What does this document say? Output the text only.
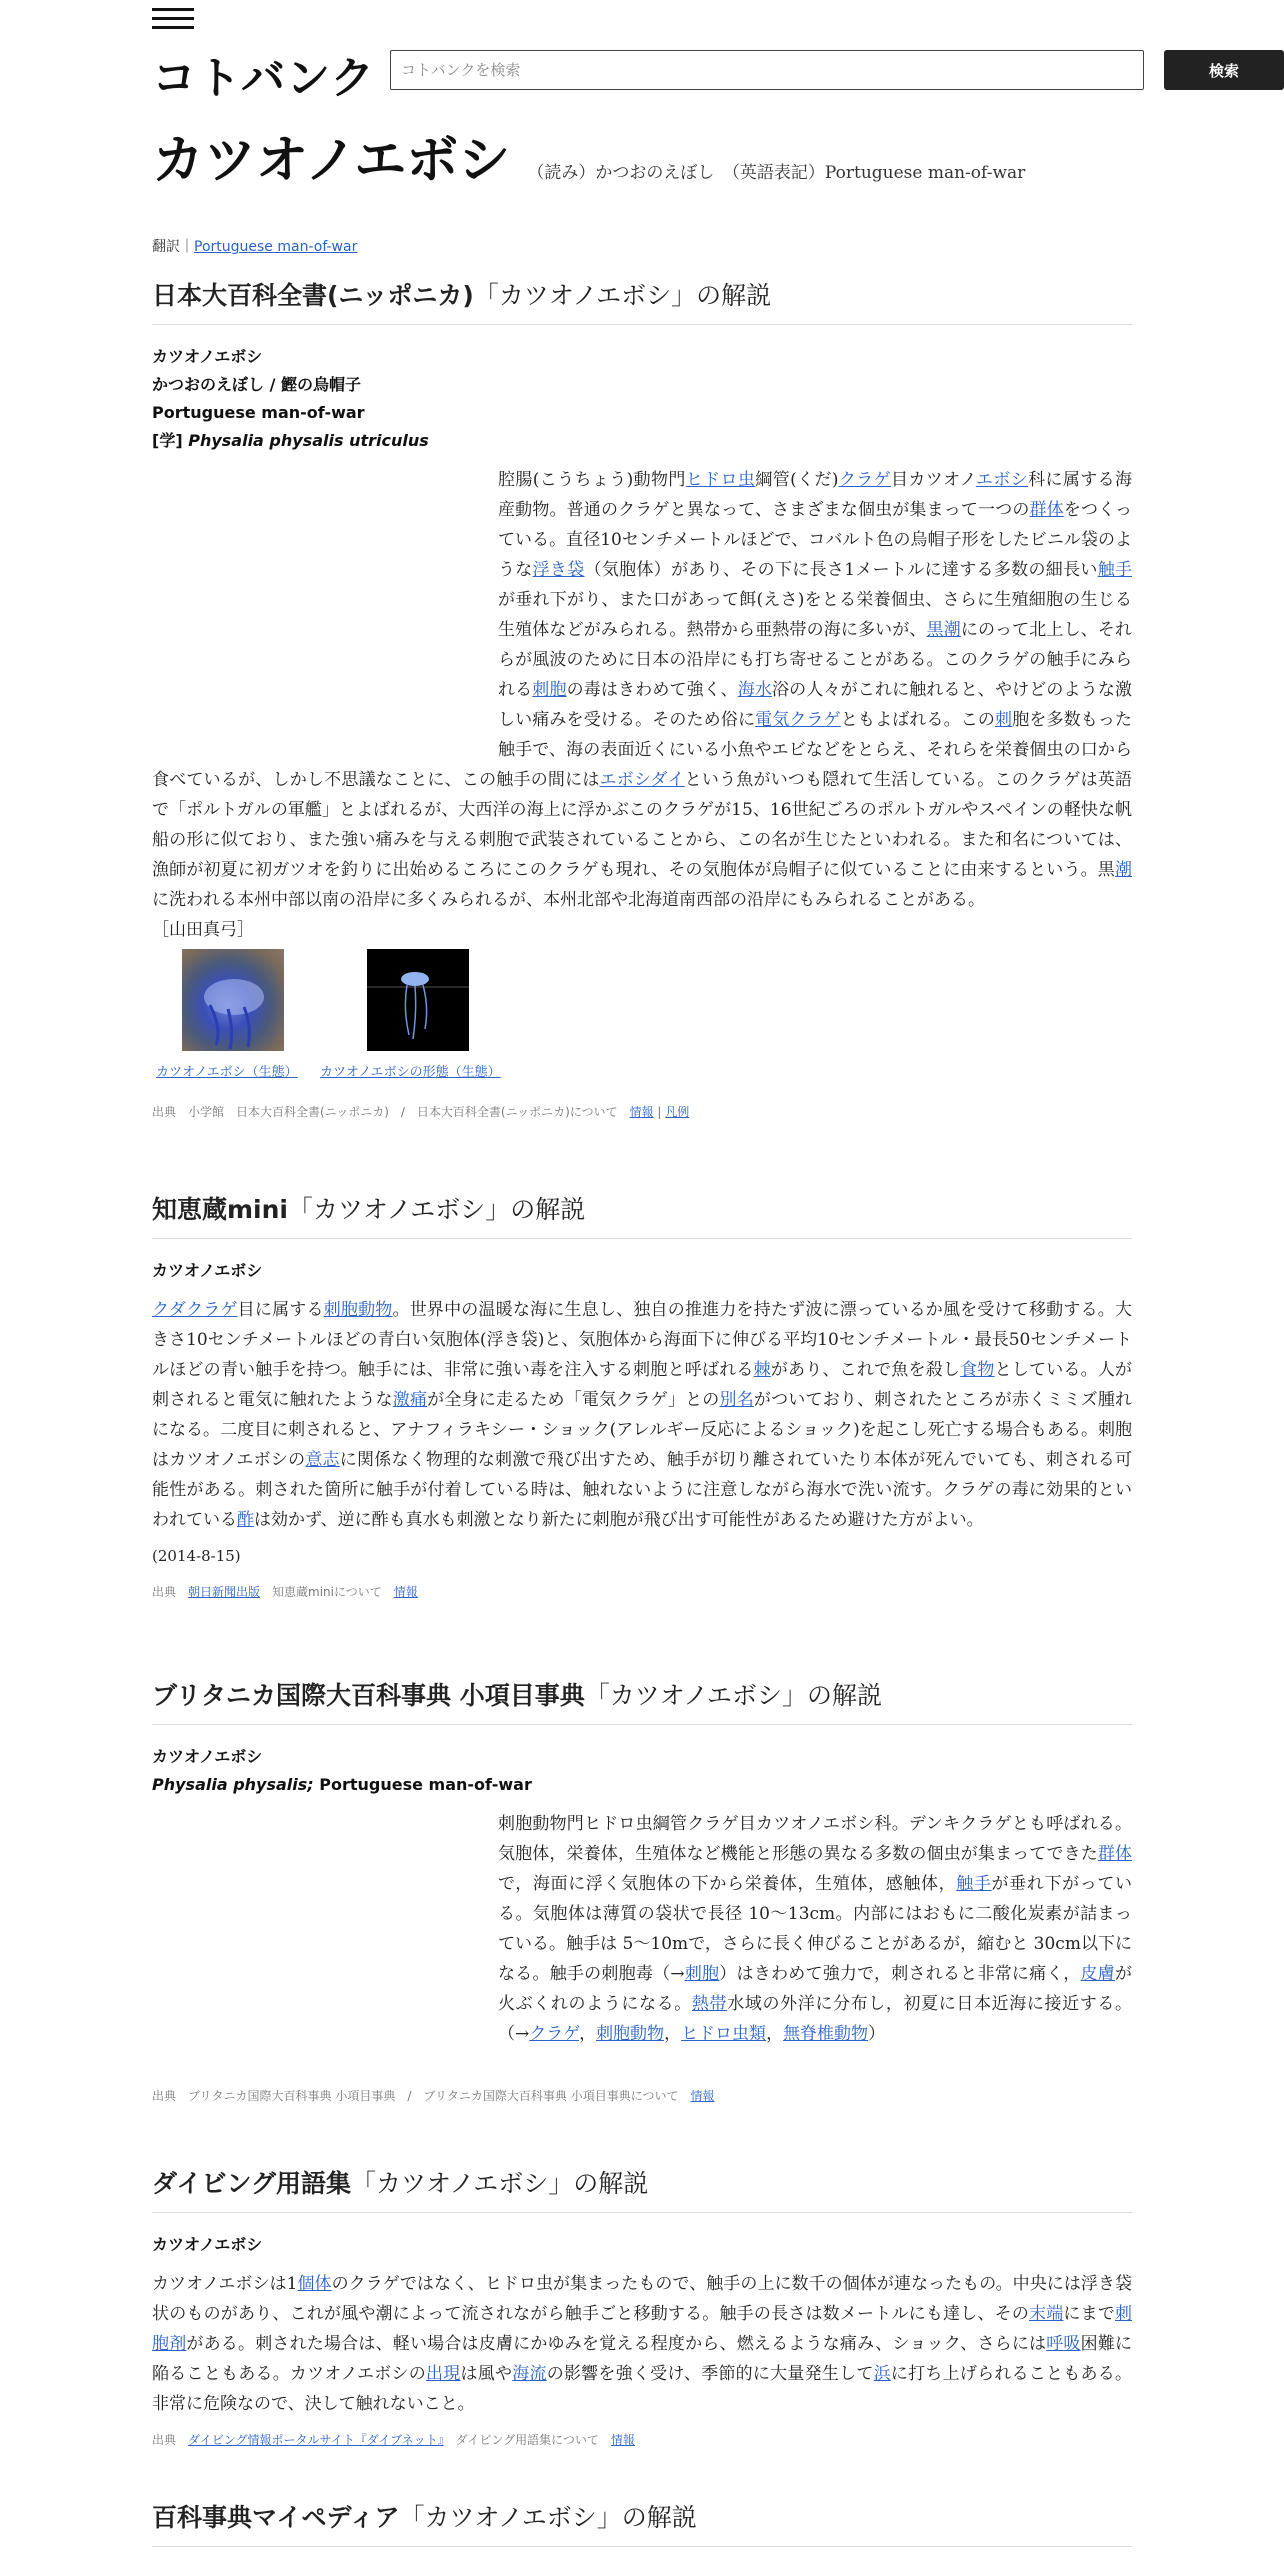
コトバンク
コトバンクを検索	検索
カツオノエボシ （読み）かつおのえぼし　（英語表記）Portuguese man-of-war
翻訳｜Portuguese man-of-war
日本大百科全書(ニッポニカ)「カツオノエボシ」の解説
カツオノエボシ
かつおのえぼし / 鰹の烏帽子
Portuguese man-of-war
[学] Physalia physalis utriculus
腔腸(こうちょう)動物門ヒドロ虫綱管(くだ)クラゲ目カツオノエボシ科に属する海産動物。普通のクラゲと異なって、さまざまな個虫が集まって一つの群体をつくっている。直径10センチメートルほどで、コバルト色の烏帽子形をしたビニル袋のような浮き袋（気胞体）があり、その下に長さ1メートルに達する多数の細長い触手が垂れ下がり、また口があって餌(えさ)をとる栄養個虫、さらに生殖細胞の生じる生殖体などがみられる。熱帯から亜熱帯の海に多いが、黒潮にのって北上し、それらが風波のために日本の沿岸にも打ち寄せることがある。このクラゲの触手にみられる刺胞の毒はきわめて強く、海水浴の人々がこれに触れると、やけどのような激しい痛みを受ける。そのため俗に電気クラゲともよばれる。この刺胞を多数もった触手で、海の表面近くにいる小魚やエビなどをとらえ、それらを栄養個虫の口から食べているが、しかし不思議なことに、この触手の間にはエボシダイという魚がいつも隠れて生活している。このクラゲは英語で「ポルトガルの軍艦」とよばれるが、大西洋の海上に浮かぶこのクラゲが15、16世紀ごろのポルトガルやスペインの軽快な帆船の形に似ており、また強い痛みを与える刺胞で武装されていることから、この名が生じたといわれる。また和名については、漁師が初夏に初ガツオを釣りに出始めるころにこのクラゲも現れ、その気胞体が烏帽子に似ていることに由来するという。黒潮に洗われる本州中部以南の沿岸に多くみられるが、本州北部や北海道南西部の沿岸にもみられることがある。
［山田真弓］
カツオノエボシ（生態） カツオノエボシの形態（生態）
出典　小学館　日本大百科全書(ニッポニカ)　/　日本大百科全書(ニッポニカ)について　情報 | 凡例
知恵蔵mini「カツオノエボシ」の解説
カツオノエボシ
クダクラゲ目に属する刺胞動物。世界中の温暖な海に生息し、独自の推進力を持たず波に漂っているか風を受けて移動する。大きさ10センチメートルほどの青白い気胞体(浮き袋)と、気胞体から海面下に伸びる平均10センチメートル・最長50センチメートルほどの青い触手を持つ。触手には、非常に強い毒を注入する刺胞と呼ばれる棘があり、これで魚を殺し食物としている。人が刺されると電気に触れたような激痛が全身に走るため「電気クラゲ」との別名がついており、刺されたところが赤くミミズ腫れになる。二度目に刺されると、アナフィラキシー・ショック(アレルギー反応によるショック)を起こし死亡する場合もある。刺胞はカツオノエボシの意志に関係なく物理的な刺激で飛び出すため、触手が切り離されていたり本体が死んでいても、刺される可能性がある。刺された箇所に触手が付着している時は、触れないように注意しながら海水で洗い流す。クラゲの毒に効果的といわれている酢は効かず、逆に酢も真水も刺激となり新たに刺胞が飛び出す可能性があるため避けた方がよい。
(2014-8-15)
出典　朝日新聞出版　知恵蔵miniについて　情報
ブリタニカ国際大百科事典 小項目事典「カツオノエボシ」の解説
カツオノエボシ
Physalia physalis; Portuguese man-of-war
刺胞動物門ヒドロ虫綱管クラゲ目カツオノエボシ科。デンキクラゲとも呼ばれる。気胞体，栄養体，生殖体など機能と形態の異なる多数の個虫が集まってできた群体で，海面に浮く気胞体の下から栄養体，生殖体，感触体，触手が垂れ下がっている。気胞体は薄質の袋状で長径 10～13cm。内部にはおもに二酸化炭素が詰まっている。触手は 5～10mで，さらに長く伸びることがあるが，縮むと 30cm以下になる。触手の刺胞毒（→刺胞）はきわめて強力で，刺されると非常に痛く，皮膚が火ぶくれのようになる。熱帯水域の外洋に分布し，初夏に日本近海に接近する。（→クラゲ，刺胞動物，ヒドロ虫類，無脊椎動物）
出典　ブリタニカ国際大百科事典 小項目事典　/　ブリタニカ国際大百科事典 小項目事典について　情報
ダイビング用語集「カツオノエボシ」の解説
カツオノエボシ
カツオノエボシは1個体のクラゲではなく、ヒドロ虫が集まったもので、触手の上に数千の個体が連なったもの。中央には浮き袋状のものがあり、これが風や潮によって流されながら触手ごと移動する。触手の長さは数メートルにも達し、その末端にまで刺胞剤がある。刺された場合は、軽い場合は皮膚にかゆみを覚える程度から、燃えるような痛み、ショック、さらには呼吸困難に陥ることもある。カツオノエボシの出現は風や海流の影響を強く受け、季節的に大量発生して浜に打ち上げられることもある。非常に危険なので、決して触れないこと。
出典　ダイビング情報ポータルサイト『ダイブネット』　ダイビング用語集について　情報
百科事典マイペディア「カツオノエボシ」の解説
